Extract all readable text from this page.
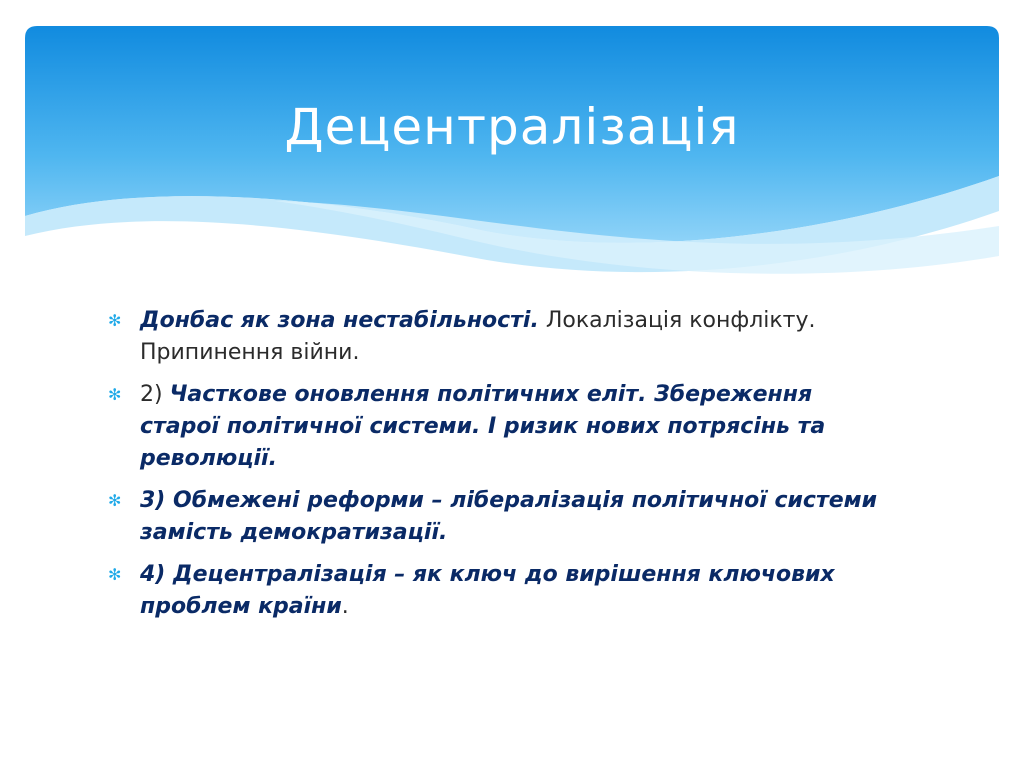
Децентралізація
✻ Донбас як зона нестабільності. Локалізація конфлікту. Припинення війни.
✻ 2) Часткове оновлення політичних еліт. Збереження старої політичної системи. І ризик нових потрясінь та революції.
✻ 3) Обмежені реформи – лібералізація політичної системи замість демократизації.
✻ 4) Децентралізація – як ключ до вирішення ключових проблем країни.
